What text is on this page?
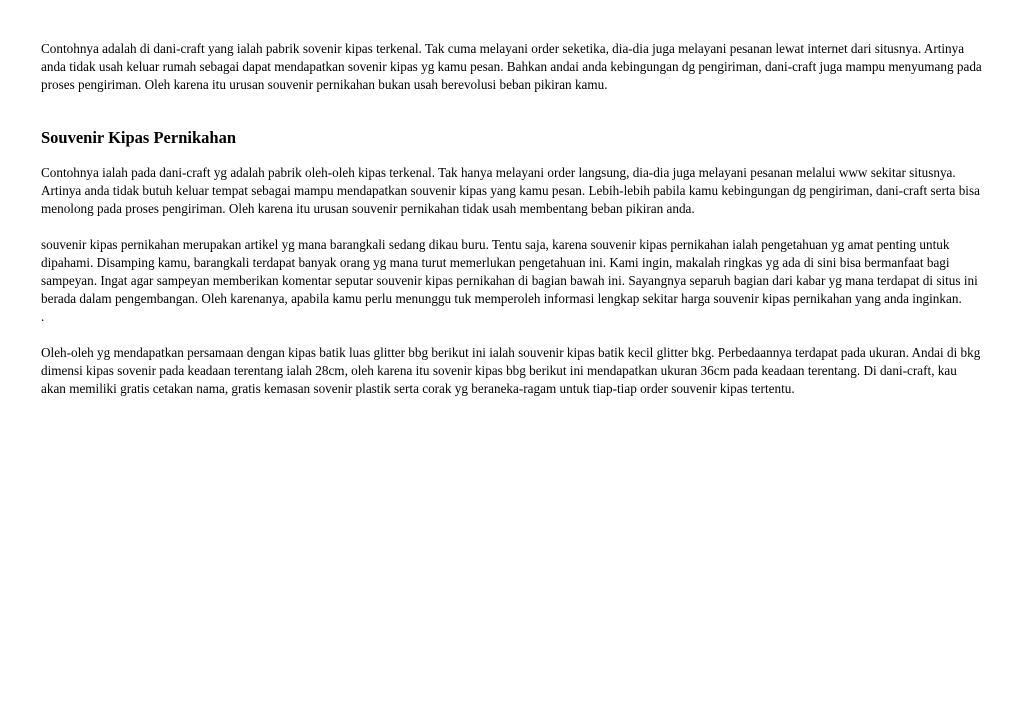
Contohnya adalah di dani-craft yang ialah pabrik sovenir kipas terkenal. Tak cuma melayani order seketika, dia-dia juga melayani pesanan lewat internet dari situsnya. Artinya anda tidak usah keluar rumah sebagai dapat mendapatkan sovenir kipas yg kamu pesan. Bahkan andai anda kebingungan dg pengiriman, dani-craft juga mampu menyumang pada proses pengiriman. Oleh karena itu urusan souvenir pernikahan bukan usah berevolusi beban pikiran kamu.

Souvenir Kipas Pernikahan

Contohnya ialah pada dani-craft yg adalah pabrik oleh-oleh kipas terkenal. Tak hanya melayani order langsung, dia-dia juga melayani pesanan melalui www sekitar situsnya. Artinya anda tidak butuh keluar tempat sebagai mampu mendapatkan souvenir kipas yang kamu pesan. Lebih-lebih pabila kamu kebingungan dg pengiriman, dani-craft serta bisa menolong pada proses pengiriman. Oleh karena itu urusan souvenir pernikahan tidak usah membentang beban pikiran anda.

souvenir kipas pernikahan merupakan artikel yg mana barangkali sedang dikau buru. Tentu saja, karena souvenir kipas pernikahan ialah pengetahuan yg amat penting untuk dipahami. Disamping kamu, barangkali terdapat banyak orang yg mana turut memerlukan pengetahuan ini. Kami ingin, makalah ringkas yg ada di sini bisa bermanfaat bagi sampeyan. Ingat agar sampeyan memberikan komentar seputar souvenir kipas pernikahan di bagian bawah ini. Sayangnya separuh bagian dari kabar yg mana terdapat di situs ini berada dalam pengembangan. Oleh karenanya, apabila kamu perlu menunggu tuk memperoleh informasi lengkap sekitar harga souvenir kipas pernikahan yang anda inginkan.

.

Oleh-oleh yg mendapatkan persamaan dengan kipas batik luas glitter bbg berikut ini ialah souvenir kipas batik kecil glitter bkg. Perbedaannya terdapat pada ukuran. Andai di bkg dimensi kipas sovenir pada keadaan terentang ialah 28cm, oleh karena itu sovenir kipas bbg berikut ini mendapatkan ukuran 36cm pada keadaan terentang. Di dani-craft, kau akan memiliki gratis cetakan nama, gratis kemasan sovenir plastik serta corak yg beraneka-ragam untuk tiap-tiap order souvenir kipas tertentu.
